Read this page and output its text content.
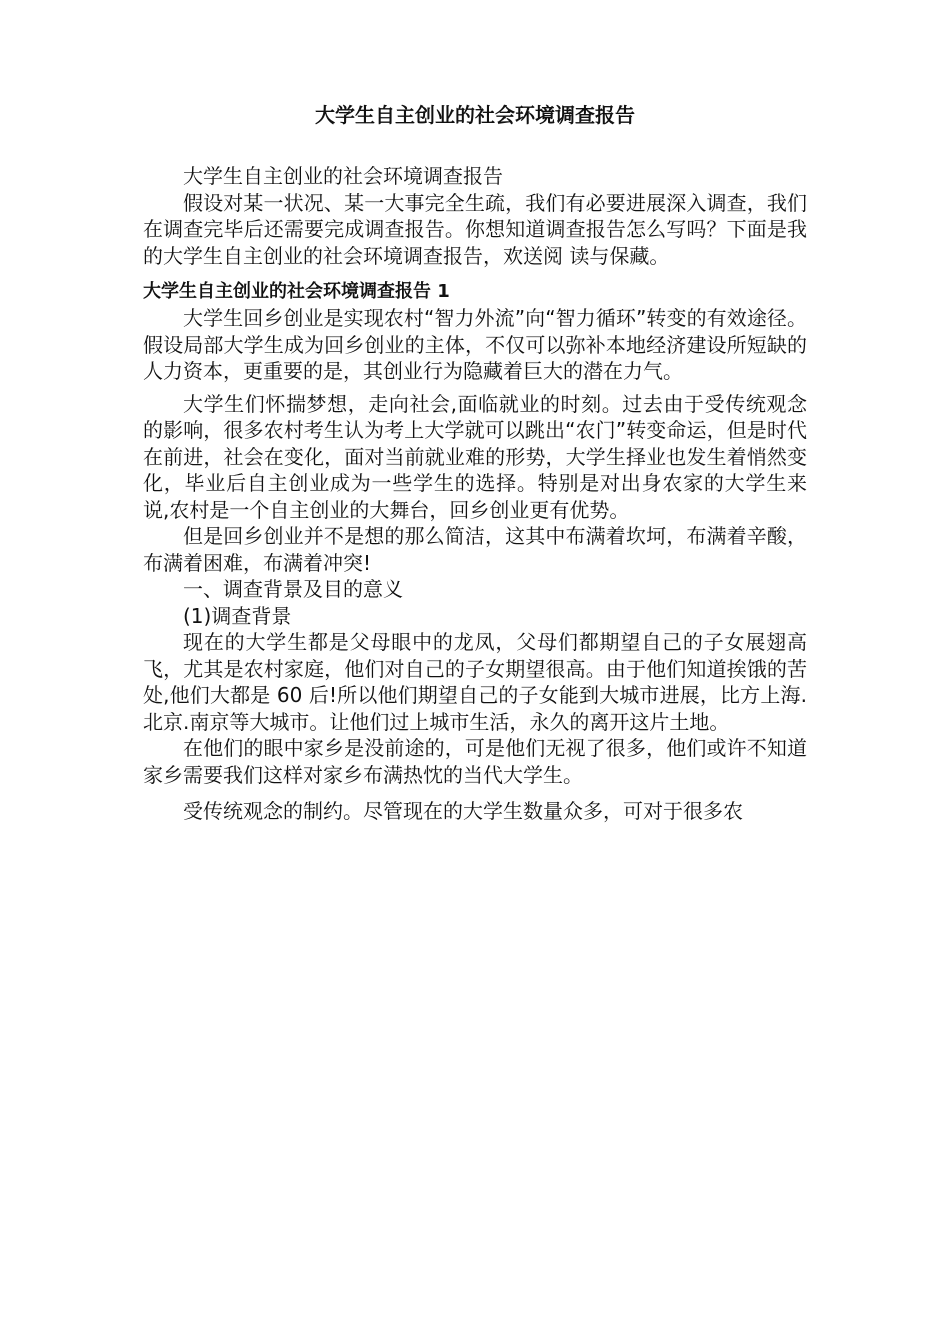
大学生自主创业的社会环境调查报告

大学生自主创业的社会环境调查报告

假设对某一状况、某一大事完全生疏，我们有必要进展深入调查，我们在调查完毕后还需要完成调查报告。你想知道调查报告怎么写吗？下面是我的大学生自主创业的社会环境调查报告，欢送阅 读与保藏。

大学生自主创业的社会环境调查报告 1

大学生回乡创业是实现农村“智力外流”向“智力循环”转变的有效途径。假设局部大学生成为回乡创业的主体，不仅可以弥补本地经济建设所短缺的人力资本，更重要的是，其创业行为隐藏着巨大的潜在力气。

大学生们怀揣梦想，走向社会,面临就业的时刻。过去由于受传统观念的影响，很多农村考生认为考上大学就可以跳出“农门”转变命运，但是时代在前进，社会在变化，面对当前就业难的形势，大学生择业也发生着悄然变化，毕业后自主创业成为一些学生的选择。特别是对出身农家的大学生来说,农村是一个自主创业的大舞台，回乡创业更有优势。

但是回乡创业并不是想的那么简洁，这其中布满着坎坷，布满着辛酸，布满着困难，布满着冲突!

一、调查背景及目的意义

(1)调查背景

现在的大学生都是父母眼中的龙凤，父母们都期望自己的子女展翅高飞，尤其是农村家庭，他们对自己的子女期望很高。由于他们知道挨饿的苦处,他们大都是 60 后!所以他们期望自己的子女能到大城市进展，比方上海.北京.南京等大城市。让他们过上城市生活，永久的离开这片土地。

在他们的眼中家乡是没前途的，可是他们无视了很多，他们或许不知道家乡需要我们这样对家乡布满热忱的当代大学生。

受传统观念的制约。尽管现在的大学生数量众多，可对于很多农
